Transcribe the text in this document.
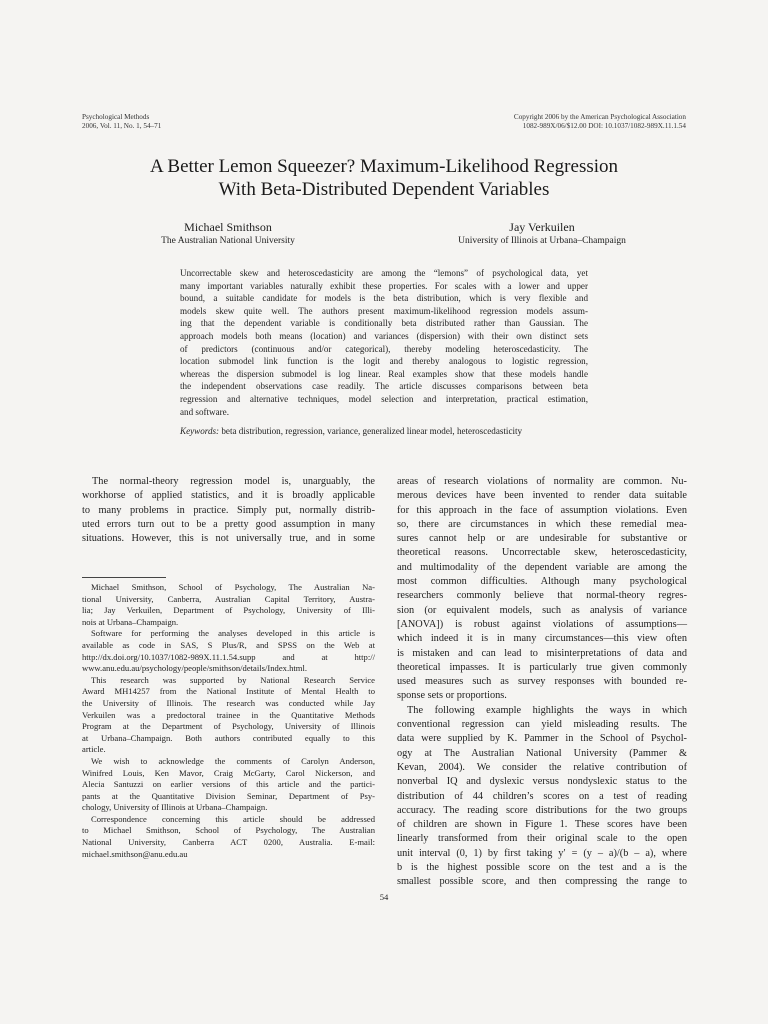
Psychological Methods
2006, Vol. 11, No. 1, 54–71
Copyright 2006 by the American Psychological Association
1082-989X/06/$12.00 DOI: 10.1037/1082-989X.11.1.54
A Better Lemon Squeezer? Maximum-Likelihood Regression
With Beta-Distributed Dependent Variables
Michael Smithson
The Australian National University
Jay Verkuilen
University of Illinois at Urbana–Champaign
Uncorrectable skew and heteroscedasticity are among the “lemons” of psychological data, yet
many important variables naturally exhibit these properties. For scales with a lower and upper
bound, a suitable candidate for models is the beta distribution, which is very flexible and
models skew quite well. The authors present maximum-likelihood regression models assum-
ing that the dependent variable is conditionally beta distributed rather than Gaussian. The
approach models both means (location) and variances (dispersion) with their own distinct sets
of predictors (continuous and/or categorical), thereby modeling heteroscedasticity. The
location submodel link function is the logit and thereby analogous to logistic regression,
whereas the dispersion submodel is log linear. Real examples show that these models handle
the independent observations case readily. The article discusses comparisons between beta
regression and alternative techniques, model selection and interpretation, practical estimation,
and software.
Keywords: beta distribution, regression, variance, generalized linear model, heteroscedasticity
The normal-theory regression model is, unarguably, the
workhorse of applied statistics, and it is broadly applicable
to many problems in practice. Simply put, normally distrib-
uted errors turn out to be a pretty good assumption in many
situations. However, this is not universally true, and in some
Michael Smithson, School of Psychology, The Australian Na-
tional University, Canberra, Australian Capital Territory, Austra-
lia; Jay Verkuilen, Department of Psychology, University of Illi-
nois at Urbana–Champaign.
Software for performing the analyses developed in this article is
available as code in SAS, S Plus/R, and SPSS on the Web at
http://dx.doi.org/10.1037/1082-989X.11.1.54.supp and at http://
www.anu.edu.au/psychology/people/smithson/details/Index.html.
This research was supported by National Research Service
Award MH14257 from the National Institute of Mental Health to
the University of Illinois. The research was conducted while Jay
Verkuilen was a predoctoral trainee in the Quantitative Methods
Program at the Department of Psychology, University of Illinois
at Urbana–Champaign. Both authors contributed equally to this
article.
We wish to acknowledge the comments of Carolyn Anderson,
Winifred Louis, Ken Mavor, Craig McGarty, Carol Nickerson, and
Alecia Santuzzi on earlier versions of this article and the partici-
pants at the Quantitative Division Seminar, Department of Psy-
chology, University of Illinois at Urbana–Champaign.
Correspondence concerning this article should be addressed
to Michael Smithson, School of Psychology, The Australian
National University, Canberra ACT 0200, Australia. E-mail:
michael.smithson@anu.edu.au
areas of research violations of normality are common. Nu-
merous devices have been invented to render data suitable
for this approach in the face of assumption violations. Even
so, there are circumstances in which these remedial mea-
sures cannot help or are undesirable for substantive or
theoretical reasons. Uncorrectable skew, heteroscedasticity,
and multimodality of the dependent variable are among the
most common difficulties. Although many psychological
researchers commonly believe that normal-theory regres-
sion (or equivalent models, such as analysis of variance
[ANOVA]) is robust against violations of assumptions—
which indeed it is in many circumstances—this view often
is mistaken and can lead to misinterpretations of data and
theoretical impasses. It is particularly true given commonly
used measures such as survey responses with bounded re-
sponse sets or proportions.
The following example highlights the ways in which
conventional regression can yield misleading results. The
data were supplied by K. Pammer in the School of Psychol-
ogy at The Australian National University (Pammer &
Kevan, 2004). We consider the relative contribution of
nonverbal IQ and dyslexic versus nondyslexic status to the
distribution of 44 children’s scores on a test of reading
accuracy. The reading score distributions for the two groups
of children are shown in Figure 1. These scores have been
linearly transformed from their original scale to the open
unit interval (0, 1) by first taking y′ = (y – a)/(b – a), where
b is the highest possible score on the test and a is the
smallest possible score, and then compressing the range to
54
